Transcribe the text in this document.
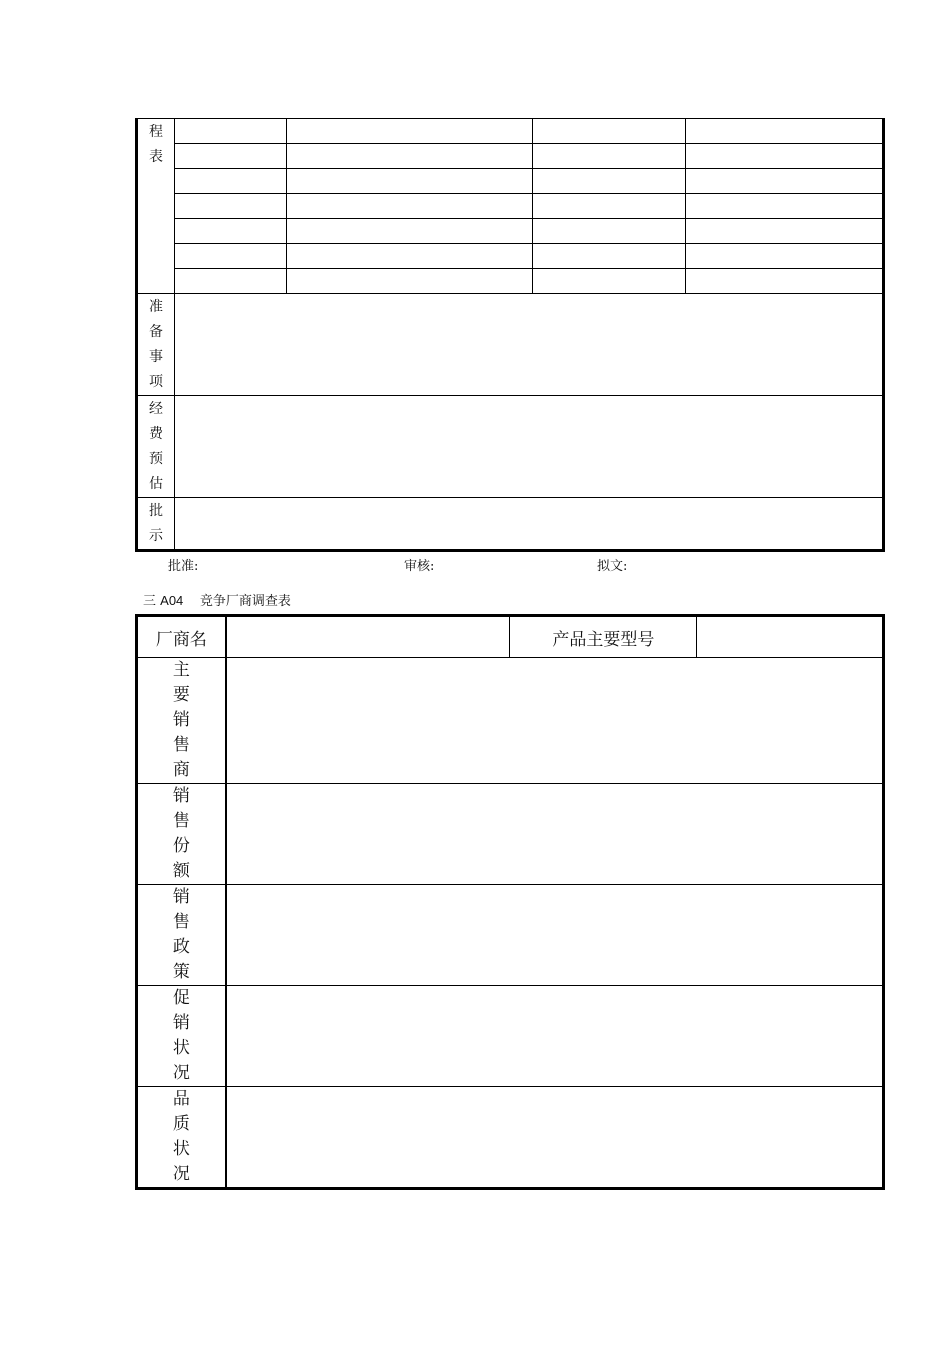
程
表				

准
备
事
项				

经
费
预
估				

批
示				

批准:	审核:	拟文:
三 A04 竞争厂商调查表
厂商名		产品主要型号	

主
要
销
售
商			

销
售
份
额			

销
售
政
策			

促
销
状
况			

品
质
状
况			
